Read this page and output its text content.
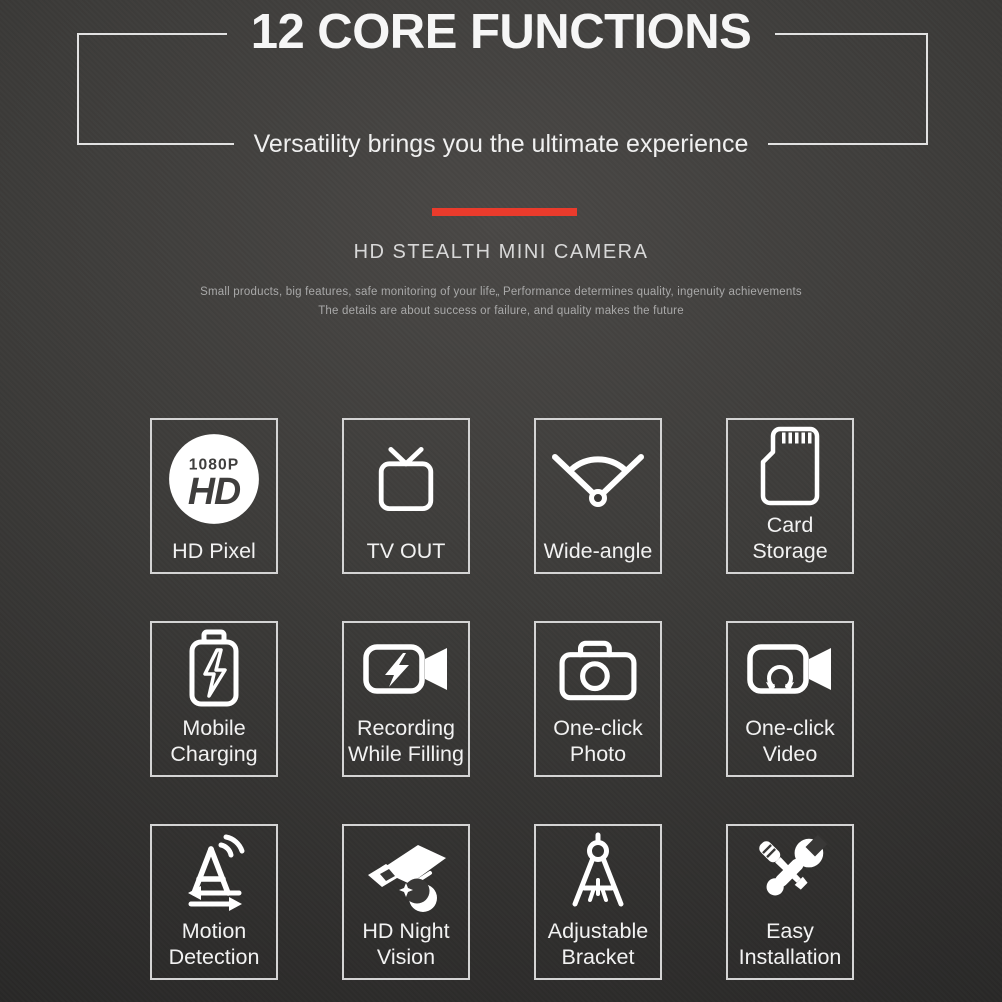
12 CORE FUNCTIONS
Versatility brings you the ultimate experience
HD STEALTH MINI CAMERA
Small products, big features, safe monitoring of your life„ Performance determines quality, ingenuity achievements
The details are about success or failure, and quality makes the future
1080P
HD
HD Pixel	TV OUT	Wide-angle
Card Storage
Mobile Charging
Recording While Filling
One-click Photo
One-click Video
Motion Detection
HD Night Vision
Adjustable Bracket
Easy Installation
